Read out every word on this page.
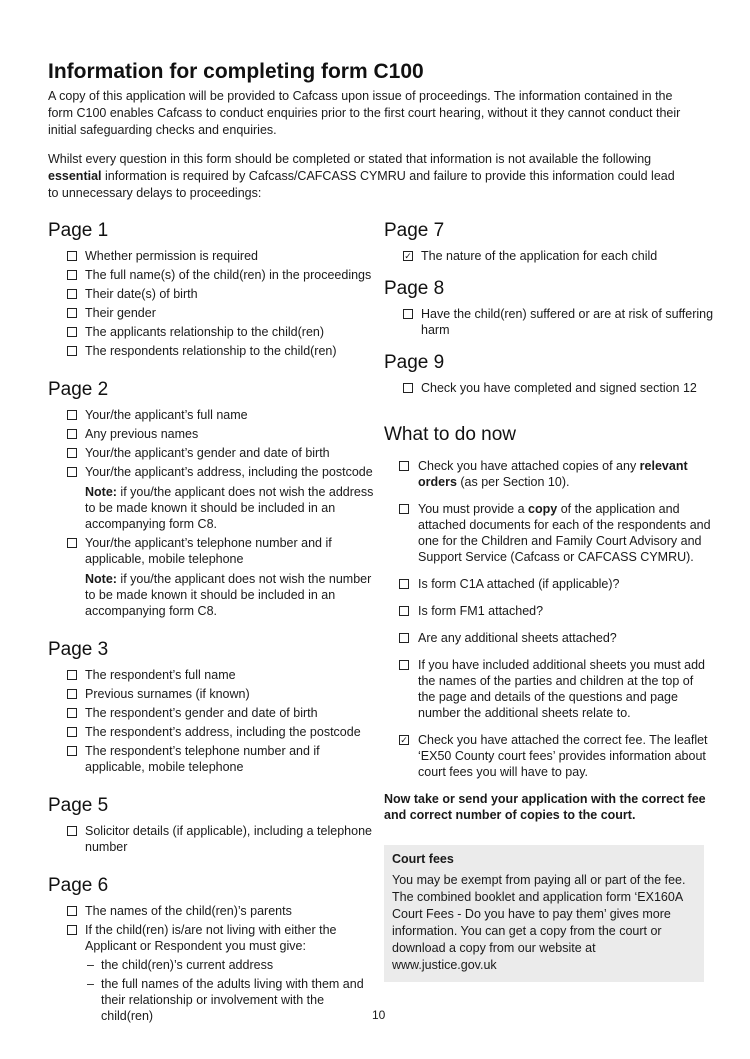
Information for completing form C100

A copy of this application will be provided to Cafcass upon issue of proceedings. The information contained in the form C100 enables Cafcass to conduct enquiries prior to the first court hearing, without it they cannot conduct their initial safeguarding checks and enquiries.

Whilst every question in this form should be completed or stated that information is not available the following essential information is required by Cafcass/CAFCASS CYMRU and failure to provide this information could lead to unnecessary delays to proceedings:

Page 1
Whether permission is required
The full name(s) of the child(ren) in the proceedings
Their date(s) of birth
Their gender
The applicants relationship to the child(ren)
The respondents relationship to the child(ren)
Page 2
Your/the applicant’s full name
Any previous names
Your/the applicant’s gender and date of birth
Your/the applicant’s address, including the postcode
Note: if you/the applicant does not wish the address to be made known it should be included in an accompanying form C8.
Your/the applicant’s telephone number and if applicable, mobile telephone
Note: if you/the applicant does not wish the number to be made known it should be included in an accompanying form C8.
Page 3
The respondent’s full name
Previous surnames (if known)
The respondent’s gender and date of birth
The respondent’s address, including the postcode
The respondent’s telephone number and if applicable, mobile telephone
Page 5
Solicitor details (if applicable), including a telephone number
Page 6
The names of the child(ren)’s parents
If the child(ren) is/are not living with either the Applicant or Respondent you must give:
– the child(ren)’s current address
– the full names of the adults living with them and their relationship or involvement with the child(ren)
Page 7
✓ The nature of the application for each child
Page 8
Have the child(ren) suffered or are at risk of suffering harm
Page 9
Check you have completed and signed section 12
What to do now
Check you have attached copies of any relevant orders (as per Section 10).
You must provide a copy of the application and attached documents for each of the respondents and one for the Children and Family Court Advisory and Support Service (Cafcass or CAFCASS CYMRU).
Is form C1A attached (if applicable)?
Is form FM1 attached?
Are any additional sheets attached?
If you have included additional sheets you must add the names of the parties and children at the top of the page and details of the questions and page number the additional sheets relate to.
✓ Check you have attached the correct fee. The leaflet ‘EX50 County court fees’ provides information about court fees you will have to pay.

Now take or send your application with the correct fee and correct number of copies to the court.

Court fees
You may be exempt from paying all or part of the fee. The combined booklet and application form ‘EX160A Court Fees - Do you have to pay them’ gives more information. You can get a copy from the court or download a copy from our website at www.justice.gov.uk
10
